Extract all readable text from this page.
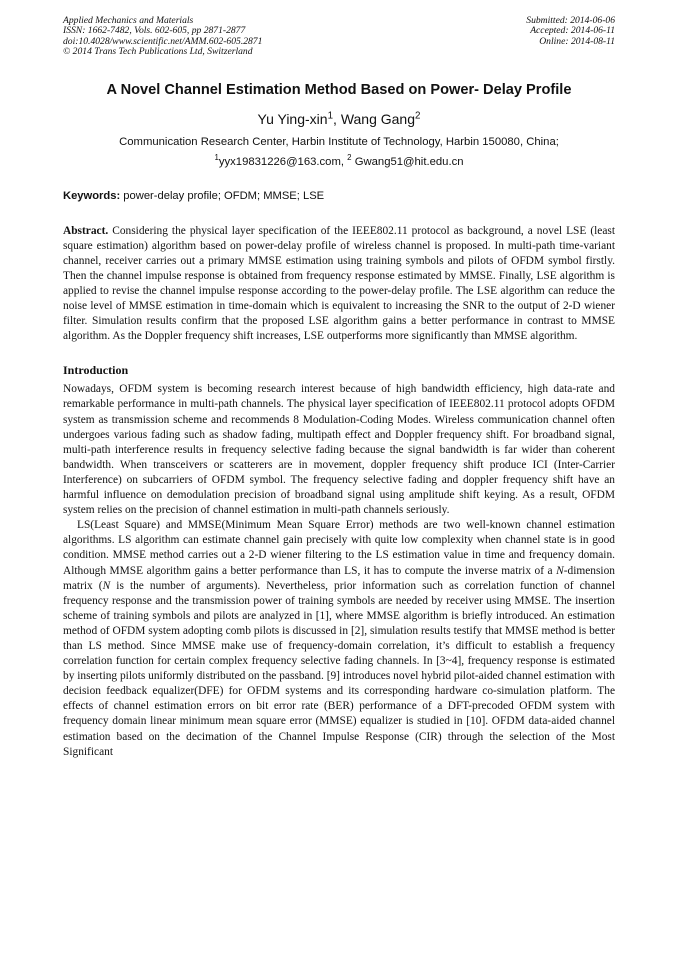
Applied Mechanics and Materials
ISSN: 1662-7482, Vols. 602-605, pp 2871-2877
doi:10.4028/www.scientific.net/AMM.602-605.2871
© 2014 Trans Tech Publications Ltd, Switzerland
Submitted: 2014-06-06
Accepted: 2014-06-11
Online: 2014-08-11
A Novel Channel Estimation Method Based on Power- Delay Profile
Yu Ying-xin$^1$, Wang Gang$^2$
Communication Research Center, Harbin Institute of Technology, Harbin 150080, China;
$^1$yyx19831226@163.com, $^2$ Gwang51@hit.edu.cn
Keywords: power-delay profile; OFDM; MMSE; LSE

Abstract. Considering the physical layer specification of the IEEE802.11 protocol as background, a novel LSE (least square estimation) algorithm based on power-delay profile of wireless channel is proposed. In multi-path time-variant channel, receiver carries out a primary MMSE estimation using training symbols and pilots of OFDM symbol firstly. Then the channel impulse response is obtained from frequency response estimated by MMSE. Finally, LSE algorithm is applied to revise the channel impulse response according to the power-delay profile. The LSE algorithm can reduce the noise level of MMSE estimation in time-domain which is equivalent to increasing the SNR to the output of 2-D wiener filter. Simulation results confirm that the proposed LSE algorithm gains a better performance in contrast to MMSE algorithm. As the Doppler frequency shift increases, LSE outperforms more significantly than MMSE algorithm.

Introduction

Nowadays, OFDM system is becoming research interest because of high bandwidth efficiency, high data-rate and remarkable performance in multi-path channels. The physical layer specification of IEEE802.11 protocol adopts OFDM system as transmission scheme and recommends 8 Modulation-Coding Modes. Wireless communication channel often undergoes various fading such as shadow fading, multipath effect and Doppler frequency shift. For broadband signal, multi-path interference results in frequency selective fading because the signal bandwidth is far wider than coherent bandwidth. When transceivers or scatterers are in movement, doppler frequency shift produce ICI (Inter-Carrier Interference) on subcarriers of OFDM symbol. The frequency selective fading and doppler frequency shift have an harmful influence on demodulation precision of broadband signal using amplitude shift keying. As a result, OFDM system relies on the precision of channel estimation in multi-path channels seriously.

LS(Least Square) and MMSE(Minimum Mean Square Error) methods are two well-known channel estimation algorithms. LS algorithm can estimate channel gain precisely with quite low complexity when channel state is in good condition. MMSE method carries out a 2-D wiener filtering to the LS estimation value in time and frequency domain. Although MMSE algorithm gains a better performance than LS, it has to compute the inverse matrix of a N-dimension matrix (N is the number of arguments). Nevertheless, prior information such as correlation function of channel frequency response and the transmission power of training symbols are needed by receiver using MMSE. The insertion scheme of training symbols and pilots are analyzed in [1], where MMSE algorithm is briefly introduced. An estimation method of OFDM system adopting comb pilots is discussed in [2], simulation results testify that MMSE method is better than LS method. Since MMSE make use of frequency-domain correlation, it’s difficult to establish a frequency correlation function for certain complex frequency selective fading channels. In [3~4], frequency response is estimated by inserting pilots uniformly distributed on the passband. [9] introduces novel hybrid pilot-aided channel estimation with decision feedback equalizer(DFE) for OFDM systems and its corresponding hardware co-simulation platform. The effects of channel estimation errors on bit error rate (BER) performance of a DFT-precoded OFDM system with frequency domain linear minimum mean square error (MMSE) equalizer is studied in [10]. OFDM data-aided channel estimation based on the decimation of the Channel Impulse Response (CIR) through the selection of the Most Significant
